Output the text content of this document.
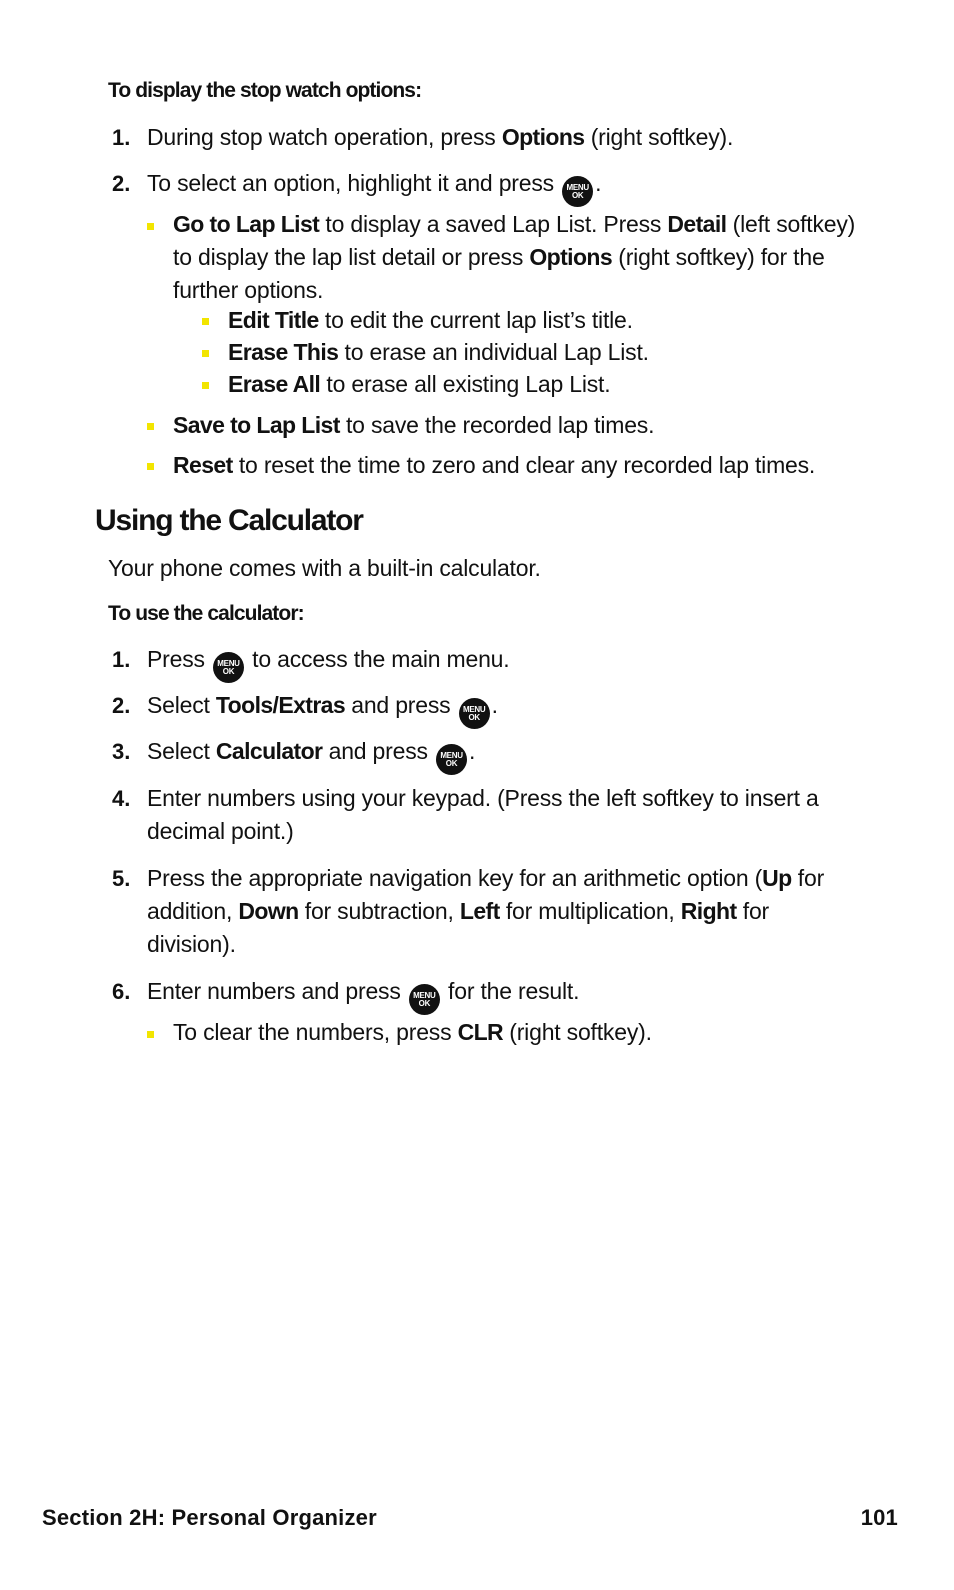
To display the stop watch options:
1. During stop watch operation, press Options (right softkey).
2. To select an option, highlight it and press MENU
OK .
Go to Lap List to display a saved Lap List. Press Detail (left softkey) to display the lap list detail or press Options (right softkey) for the further options.
Edit Title to edit the current lap list’s title.
Erase This to erase an individual Lap List.
Erase All to erase all existing Lap List.
Save to Lap List to save the recorded lap times.
Reset to reset the time to zero and clear any recorded lap times.
Using the Calculator
Your phone comes with a built-in calculator.
To use the calculator:
1. Press MENU
OK to access the main menu.
2. Select Tools/Extras and press MENU
OK .
3. Select Calculator and press MENU
OK .
4. Enter numbers using your keypad. (Press the left softkey to insert a decimal point.)
5. Press the appropriate navigation key for an arithmetic option (Up for addition, Down for subtraction, Left for multiplication, Right for division).
6. Enter numbers and press MENU
OK for the result.
To clear the numbers, press CLR (right softkey).
Section 2H: Personal Organizer	101
